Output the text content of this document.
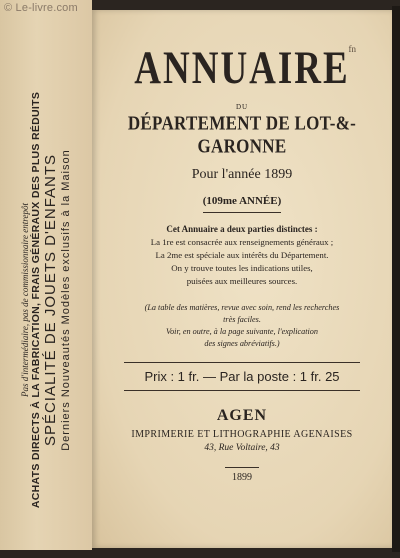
© Le-livre.com
Pas d'intermédiaire, pas de commissionnaire entrepôt ACHATS DIRECTS À LA FABRICATION, FRAIS GÉNÉRAUX DES PLUS RÉDUITS SPÉCIALITÉ DE JOUETS D'ENFANTS Derniers Nouveautés Modèles exclusifs à la Maison
fn
ANNUAIRE
DU
DÉPARTEMENT DE LOT-&-GARONNE
Pour l'année 1899
(109me ANNÉE)
Cet Annuaire a deux parties distinctes :
La 1re est consacrée aux renseignements généraux ;
La 2me est spéciale aux intérêts du Département.
On y trouve toutes les indications utiles,
puisées aux meilleures sources.
(La table des matières, revue avec soin, rend les recherches
très faciles.
Voir, en outre, à la page suivante, l'explication
des signes abréviatifs.)
Prix : 1 fr. — Par la poste : 1 fr. 25
AGEN
IMPRIMERIE ET LITHOGRAPHIE AGENAISES
43, Rue Voltaire, 43
1899
